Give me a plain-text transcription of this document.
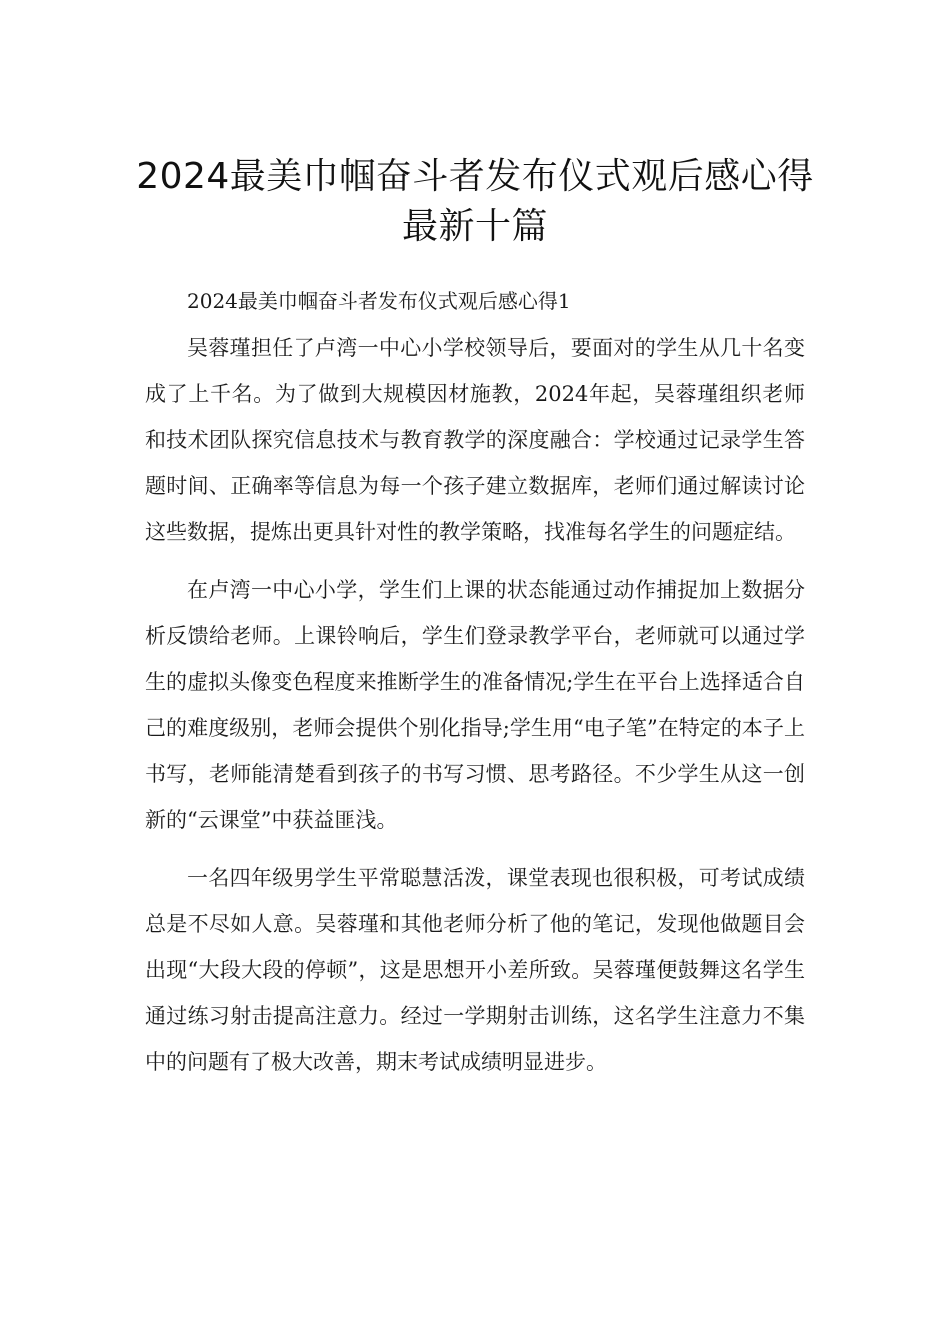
2024最美巾帼奋斗者发布仪式观后感心得最新十篇

2024最美巾帼奋斗者发布仪式观后感心得1

吴蓉瑾担任了卢湾一中心小学校领导后，要面对的学生从几十名变成了上千名。为了做到大规模因材施教，2024年起，吴蓉瑾组织老师和技术团队探究信息技术与教育教学的深度融合：学校通过记录学生答题时间、正确率等信息为每一个孩子建立数据库，老师们通过解读讨论这些数据，提炼出更具针对性的教学策略，找准每名学生的问题症结。

在卢湾一中心小学，学生们上课的状态能通过动作捕捉加上数据分析反馈给老师。上课铃响后，学生们登录教学平台，老师就可以通过学生的虚拟头像变色程度来推断学生的准备情况;学生在平台上选择适合自己的难度级别，老师会提供个别化指导;学生用“电子笔”在特定的本子上书写，老师能清楚看到孩子的书写习惯、思考路径。不少学生从这一创新的“云课堂”中获益匪浅。

一名四年级男学生平常聪慧活泼，课堂表现也很积极，可考试成绩总是不尽如人意。吴蓉瑾和其他老师分析了他的笔记，发现他做题目会出现“大段大段的停顿”，这是思想开小差所致。吴蓉瑾便鼓舞这名学生通过练习射击提高注意力。经过一学期射击训练，这名学生注意力不集中的问题有了极大改善，期末考试成绩明显进步。
